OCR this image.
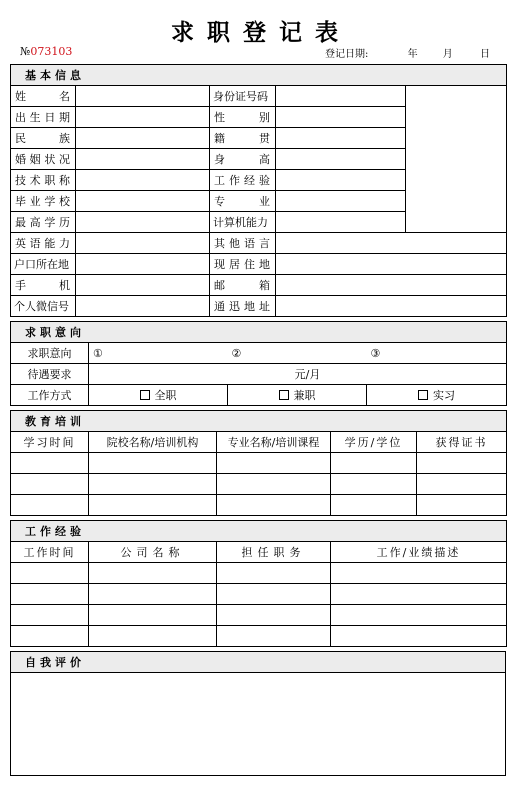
求职登记表
№073103	登记日期:	年	月	日
基本信息				
姓名		身份证号码		
出生日期		性别		
民族		籍贯		
婚姻状况		身高		
技术职称		工作经验		
毕业学校		专业		
最高学历		计算机能力		
英语能力		其他语言		
户口所在地		现居住地		
手机		邮箱		
个人微信号		通迅地址		
求职意向			
求职意向	①	②	③
待遇要求	元/月		
工作方式	全职	兼职	实习
教育培训				
学习时间	院校名称/培训机构	专业名称/培训课程	学历/学位	获得证书

工作经验			
工作时间	公司名称	担任职务	工作/业绩描述

自我评价
